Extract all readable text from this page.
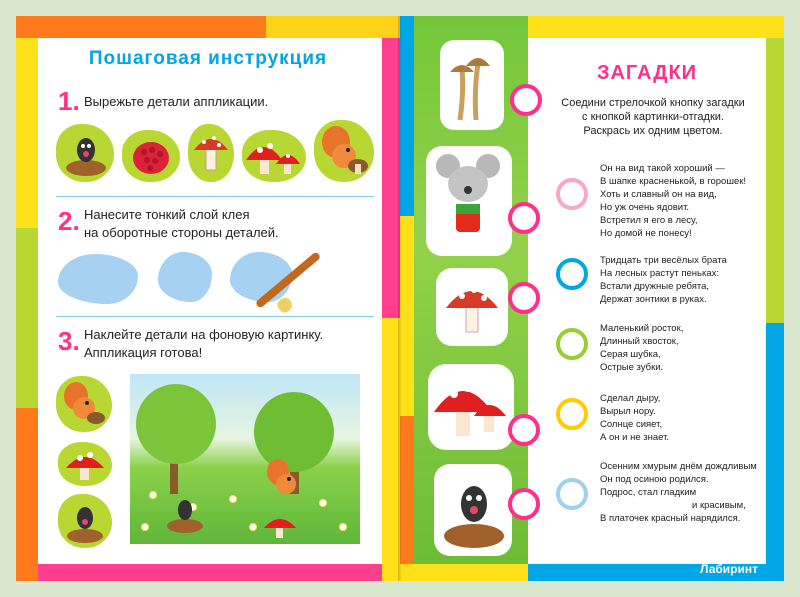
Пошаговая инструкция
1. Вырежьте детали аппликации.
2. Нанесите тонкий слой клея
на оборотные стороны деталей.
3. Наклейте детали на фоновую картинку.
Аппликация готова!
ЗАГАДКИ
Соедини стрелочкой кнопку загадки
с кнопкой картинки-отгадки.
Раскрась их одним цветом.
Он на вид такой хороший —
В шапке красненькой, в горошек!
Хоть и славный он на вид,
Но уж очень ядовит.
Встретил я его в лесу,
Но домой не понесу!
Тридцать три весёлых брата
На лесных растут пеньках:
Встали дружные ребята,
Держат зонтики в руках.
Маленький росток,
Длинный хвосток,
Серая шубка,
Острые зубки.
Сделал дыру,
Вырыл нору.
Солнце сияет,
А он и не знает.
Осенним хмурым днём дождливым
Он под осиною родился.
Подрос, стал гладким
и красивым,
В платочек красный нарядился.
Лабиринт
